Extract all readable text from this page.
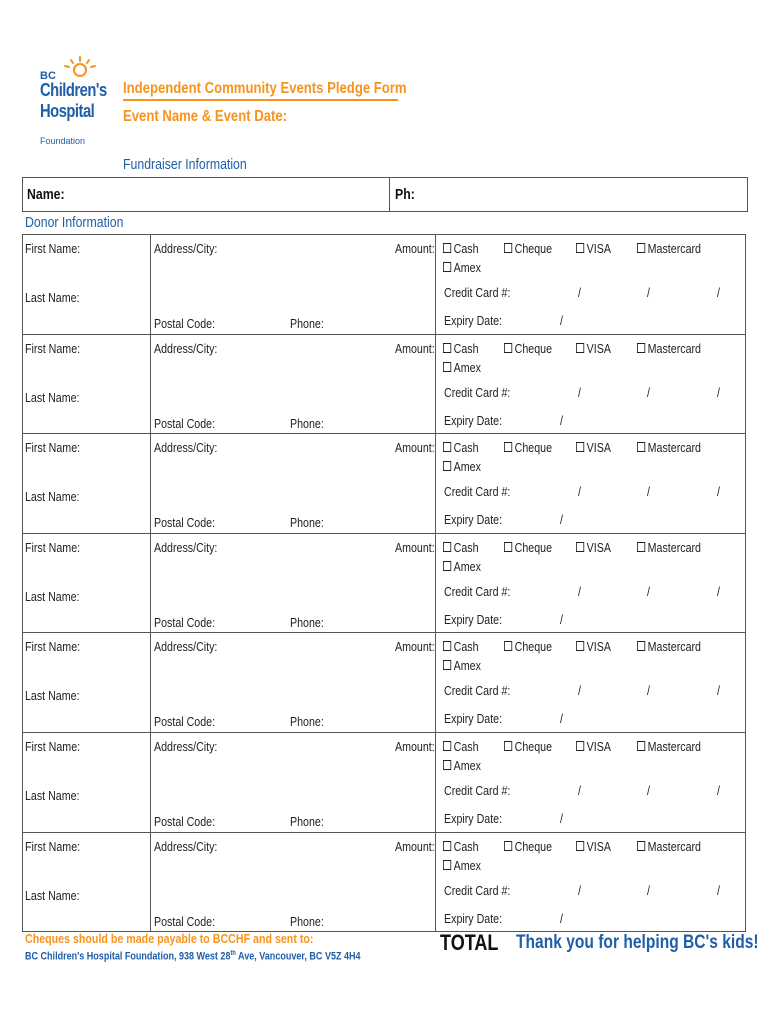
BC
Children's
Hospital
Foundation
Independent Community Events Pledge Form
Event Name & Event Date:
Fundraiser Information
Name:	Ph:
Donor Information
First Name:
Last Name:
Address/City:
Postal Code:	Phone:
Amount:	Cash	Cheque	VISA	Mastercard
Amex
Credit Card #:	/	/	/
Expiry Date:	/
First Name:
Last Name:
Address/City:
Postal Code:	Phone:
Amount:	Cash	Cheque	VISA	Mastercard
Amex
Credit Card #:	/	/	/
Expiry Date:	/
First Name:
Last Name:
Address/City:
Postal Code:	Phone:
Amount:	Cash	Cheque	VISA	Mastercard
Amex
Credit Card #:	/	/	/
Expiry Date:	/
First Name:
Last Name:
Address/City:
Postal Code:	Phone:
Amount:	Cash	Cheque	VISA	Mastercard
Amex
Credit Card #:	/	/	/
Expiry Date:	/
First Name:
Last Name:
Address/City:
Postal Code:	Phone:
Amount:	Cash	Cheque	VISA	Mastercard
Amex
Credit Card #:	/	/	/
Expiry Date:	/
First Name:
Last Name:
Address/City:
Postal Code:	Phone:
Amount:	Cash	Cheque	VISA	Mastercard
Amex
Credit Card #:	/	/	/
Expiry Date:	/
First Name:
Last Name:
Address/City:
Postal Code:	Phone:
Amount:	Cash	Cheque	VISA	Mastercard
Amex
Credit Card #:	/	/	/
Expiry Date:	/
Cheques should be made payable to BCCHF and sent to:
BC Children's Hospital Foundation, 938 West 28th Ave, Vancouver, BC V5Z 4H4
TOTAL Thank you for helping BC's kids!
